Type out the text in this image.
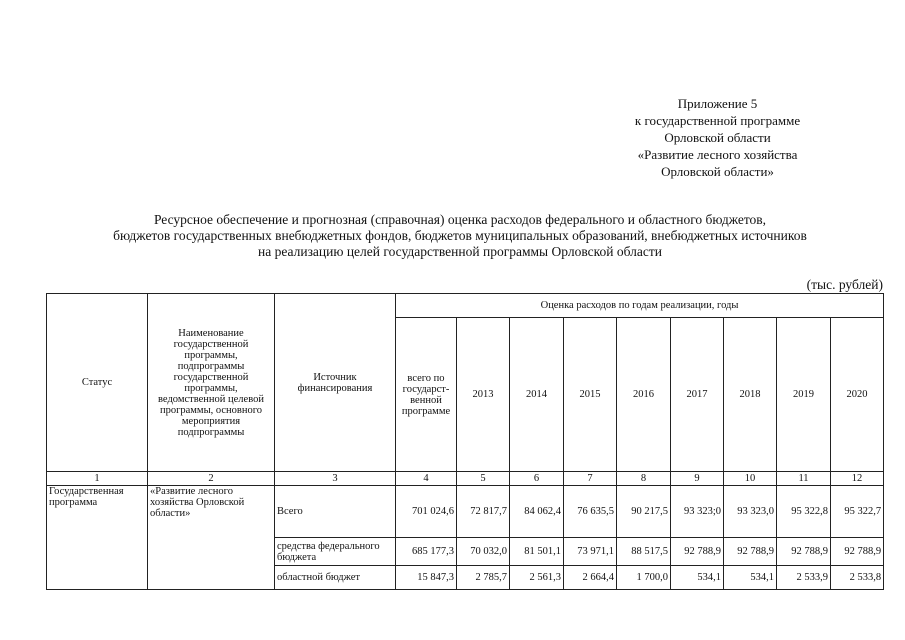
Приложение 5
к государственной программе
Орловской области
«Развитие лесного хозяйства
Орловской области»
Ресурсное обеспечение и прогнозная (справочная) оценка расходов федерального и областного бюджетов,
бюджетов государственных внебюджетных фондов, бюджетов муниципальных образований, внебюджетных источников
на реализацию целей государственной программы Орловской области
(тыс. рублей)
Статус	Наименование государственной программы, подпрограммы государственной программы, ведомственной целевой программы, основного мероприятия подпрограммы	Источник финансирования	Оценка расходов по годам реализации, годы								
			всего по государст-венной программе	2013	2014	2015	2016	2017	2018	2019	2020
1	2	3	4	5	6	7	8	9	10	11	12
Государственная программа	«Развитие лесного хозяйства Орловской области»	Всего	701 024,6	72 817,7	84 062,4	76 635,5	90 217,5	93 323;0	93 323,0	95 322,8	95 322,7
		средства федерального бюджета	685 177,3	70 032,0	81 501,1	73 971,1	88 517,5	92 788,9	92 788,9	92 788,9	92 788,9
		областной бюджет	15 847,3	2 785,7	2 561,3	2 664,4	1 700,0	534,1	534,1	2 533,9	2 533,8
